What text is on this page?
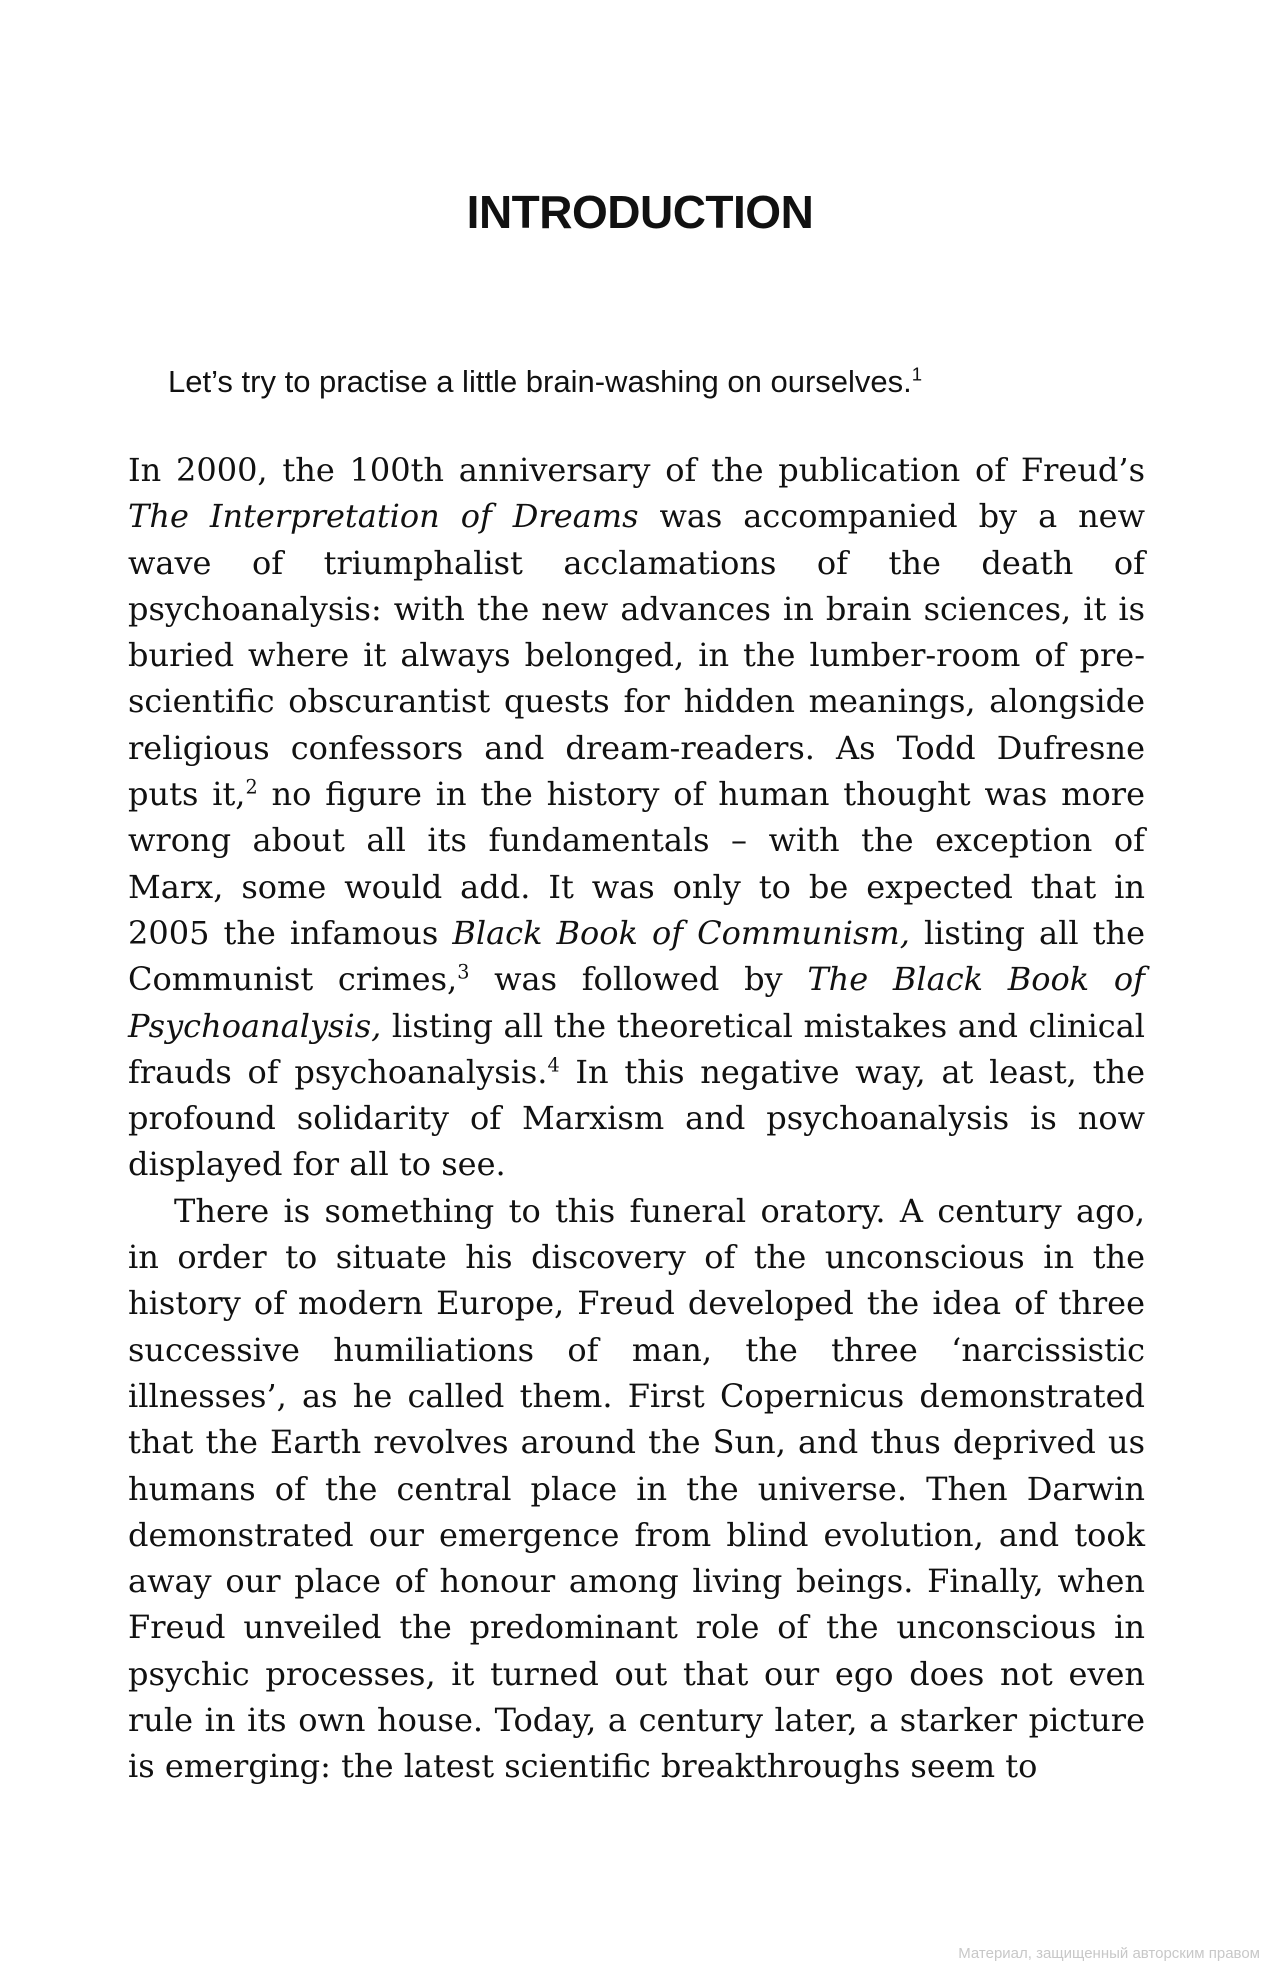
INTRODUCTION

Let’s try to practise a little brain-washing on ourselves.$^1$

In 2000, the 100th anniversary of the publication of Freud’s The Interpretation of Dreams was accompanied by a new wave of triumphalist acclamations of the death of psychoanalysis: with the new advances in brain sciences, it is buried where it always belonged, in the lumber-room of pre-scientific obscurantist quests for hidden meanings, alongside religious confessors and dream-readers. As Todd Dufresne puts it,$^2$ no figure in the history of human thought was more wrong about all its fundamentals – with the exception of Marx, some would add. It was only to be expected that in 2005 the infamous Black Book of Communism, listing all the Communist crimes,$^3$ was followed by The Black Book of Psychoanalysis, listing all the theoretical mistakes and clinical frauds of psychoanalysis.$^4$ In this negative way, at least, the profound solidarity of Marxism and psychoanalysis is now displayed for all to see.

There is something to this funeral oratory. A century ago, in order to situate his discovery of the unconscious in the history of modern Europe, Freud developed the idea of three successive humiliations of man, the three ‘narcissistic illnesses’, as he called them. First Copernicus demonstrated that the Earth revolves around the Sun, and thus deprived us humans of the central place in the universe. Then Darwin demonstrated our emergence from blind evolution, and took away our place of honour among living beings. Finally, when Freud unveiled the predominant role of the unconscious in psychic processes, it turned out that our ego does not even rule in its own house. Today, a century later, a starker picture is emerging: the latest scientific breakthroughs seem to

Материал, защищенный авторским правом
